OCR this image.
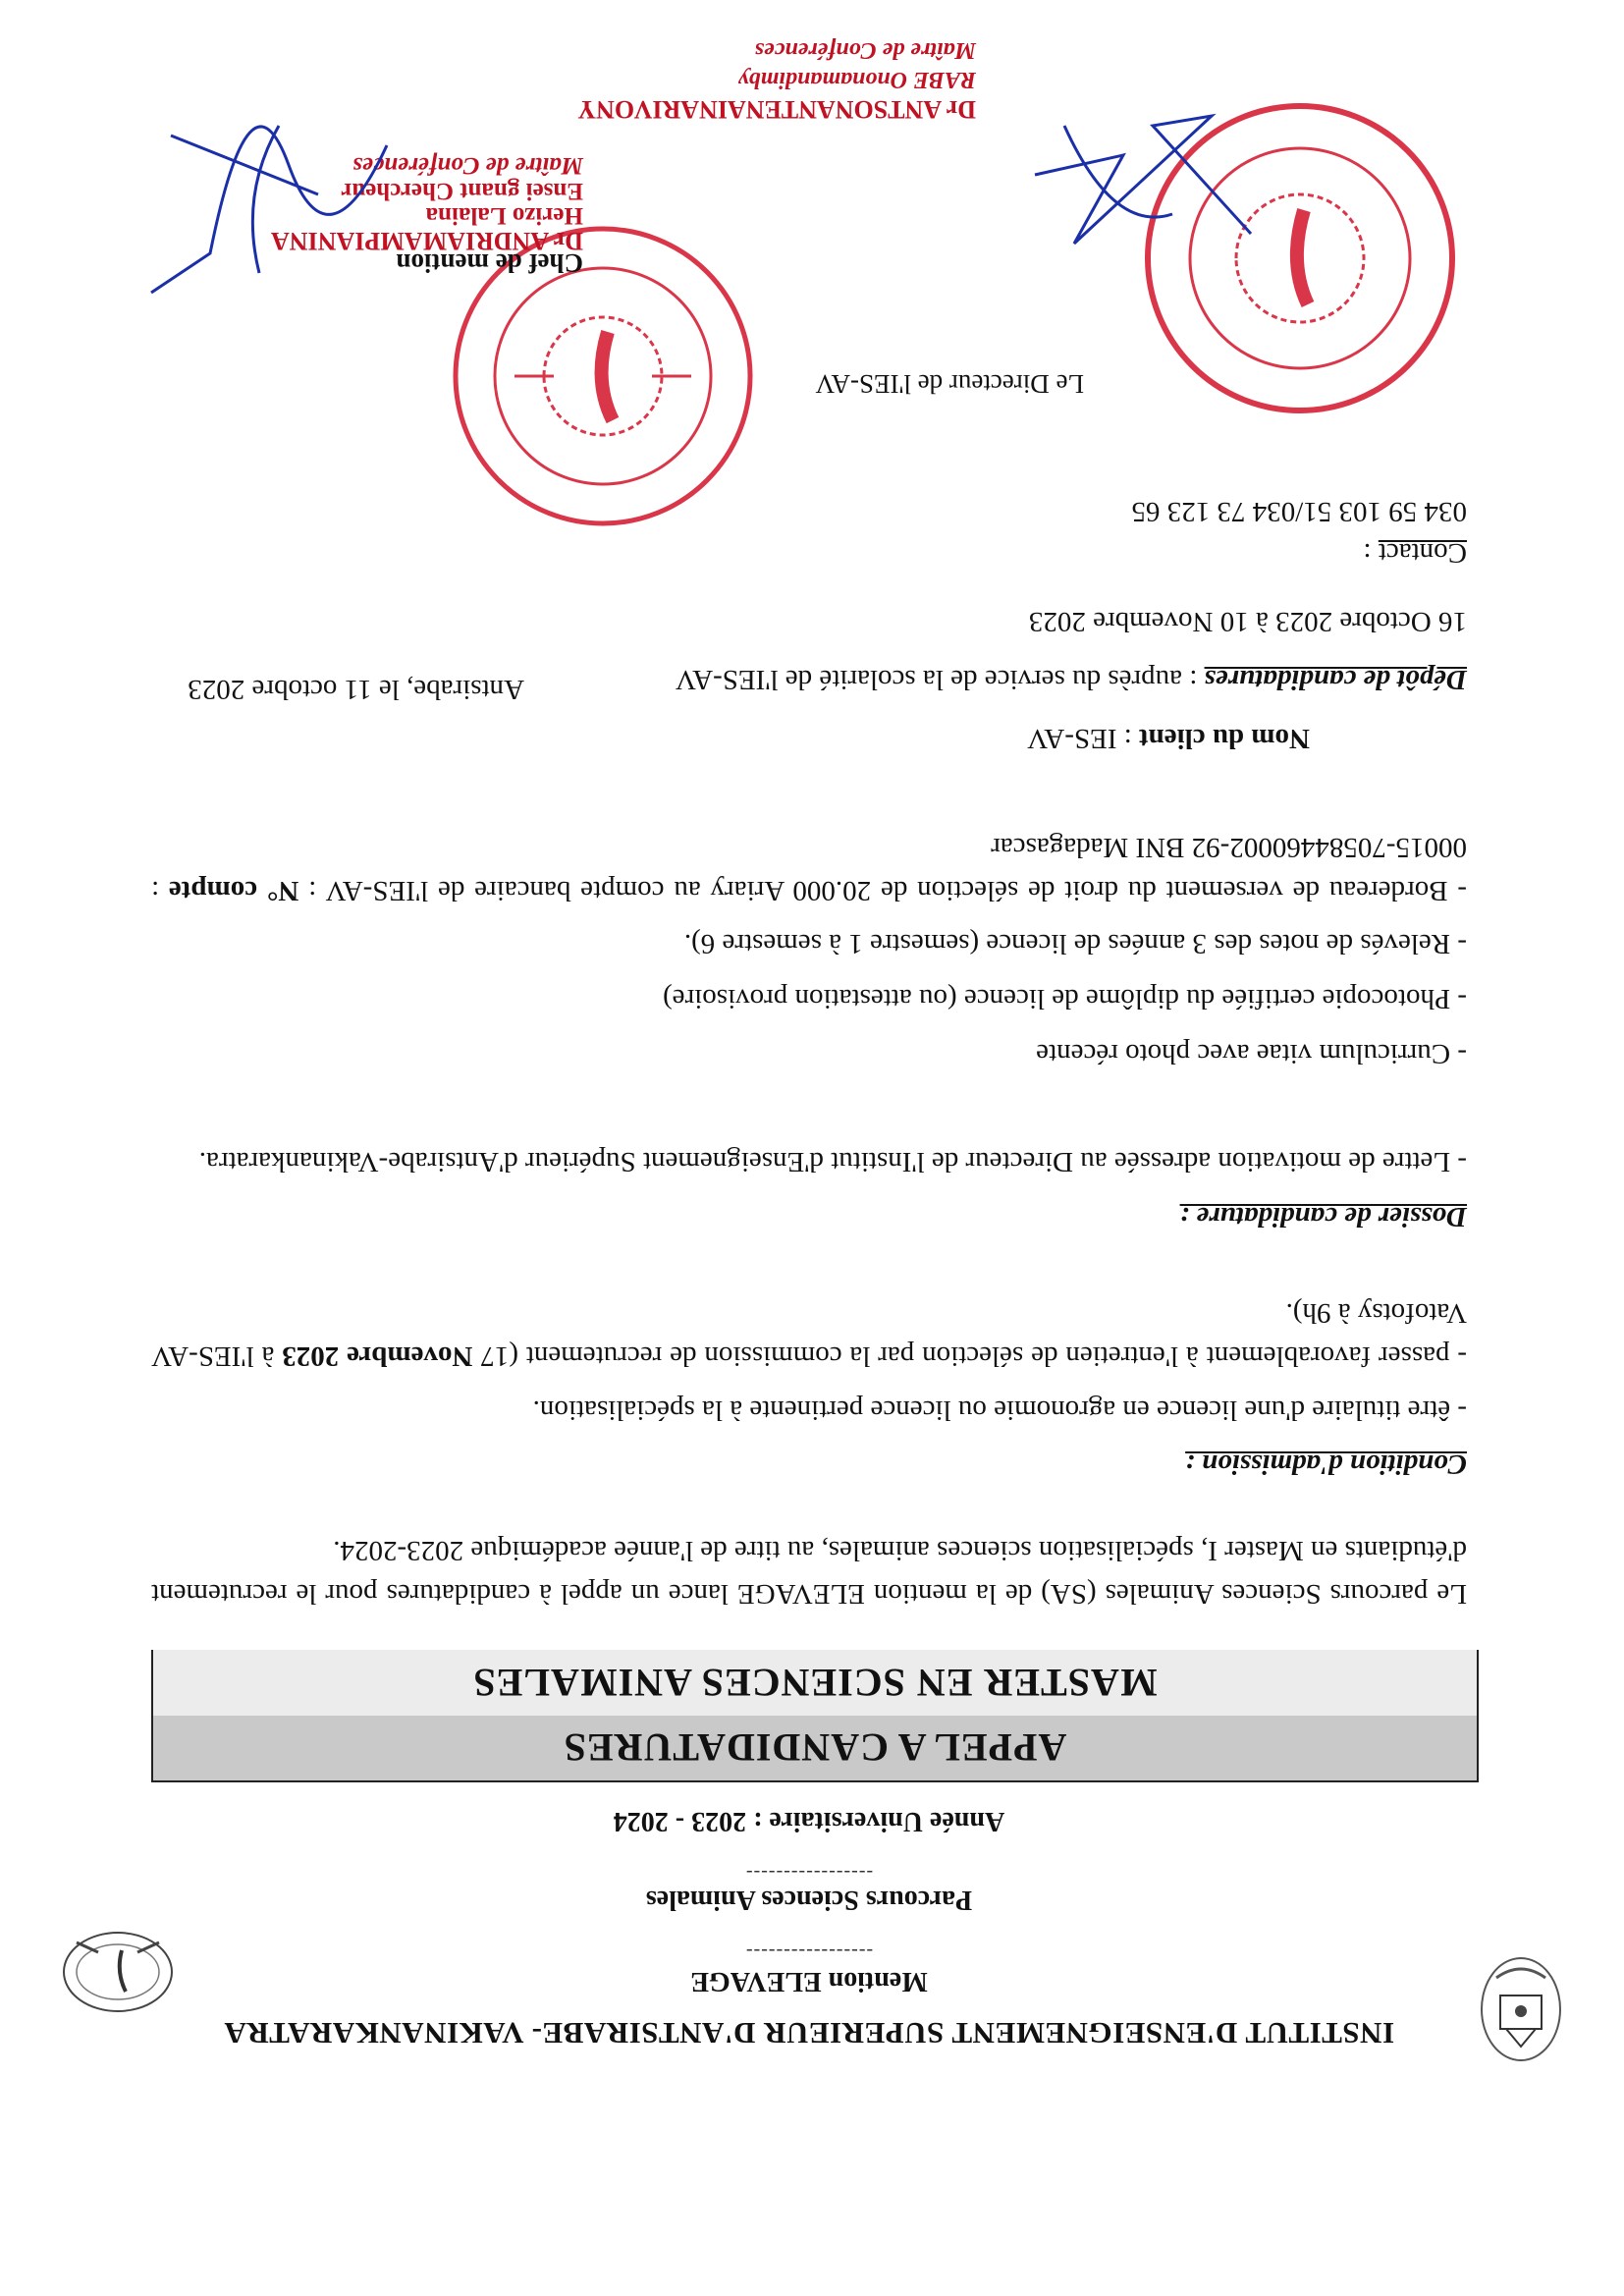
INSTITUT D'ENSEIGNEMENT SUPERIEUR D'ANTSIRABE- VAKINANKARATRA
Mention ELEVAGE
-----------------
Parcours Sciences Animales
-----------------
Année Universitaire : 2023 - 2024
APPEL A CANDIDATURES
MASTER EN SCIENCES ANIMALES
Le parcours Sciences Animales (SA) de la mention ELEVAGE lance un appel à candidatures pour le recrutement d'étudiants en Master I, spécialisation sciences animales, au titre de l'année académique 2023-2024.
Condition d'admission :
- être titulaire d'une licence en agronomie ou licence pertinente à la spécialisation.
- passer favorablement à l'entretien de sélection par la commission de recrutement (17 Novembre 2023 à l'IES-AV Vatofotsy à 9h).
Dossier de candidature :
- Lettre de motivation adressée au Directeur de l'Institut d'Enseignement Supérieur d'Antsirabe-Vakinankaratra.
- Curriculum vitae avec photo récente
- Photocopie certifiée du diplôme de licence (ou attestation provisoire)
- Relevés de notes des 3 années de licence (semestre 1 à semestre 6).
- Bordereau de versement du droit de sélection de 20.000 Ariary au compte bancaire de l'IES-AV : N° compte : 00015-70584460002-92 BNI Madagascar
Nom du client : IES-AV
Dépôt de candidatures : auprès du service de la scolarité de l'IES-AV
16 Octobre 2023 à 10 Novembre 2023
Contact :
034 59 103 51/034 73 123 65
Antsirabe, le 11 octobre 2023
Chef de mention
Dr ANDRIAMAMPIANINA
Herizo Lalaina
Ensei gnant Chercheur
Maître de Conférences
Le Directeur de l'IES-AV
Dr ANTSONANTENAINARIVONY
RABE Ononamandimby
Maître de Conférences
